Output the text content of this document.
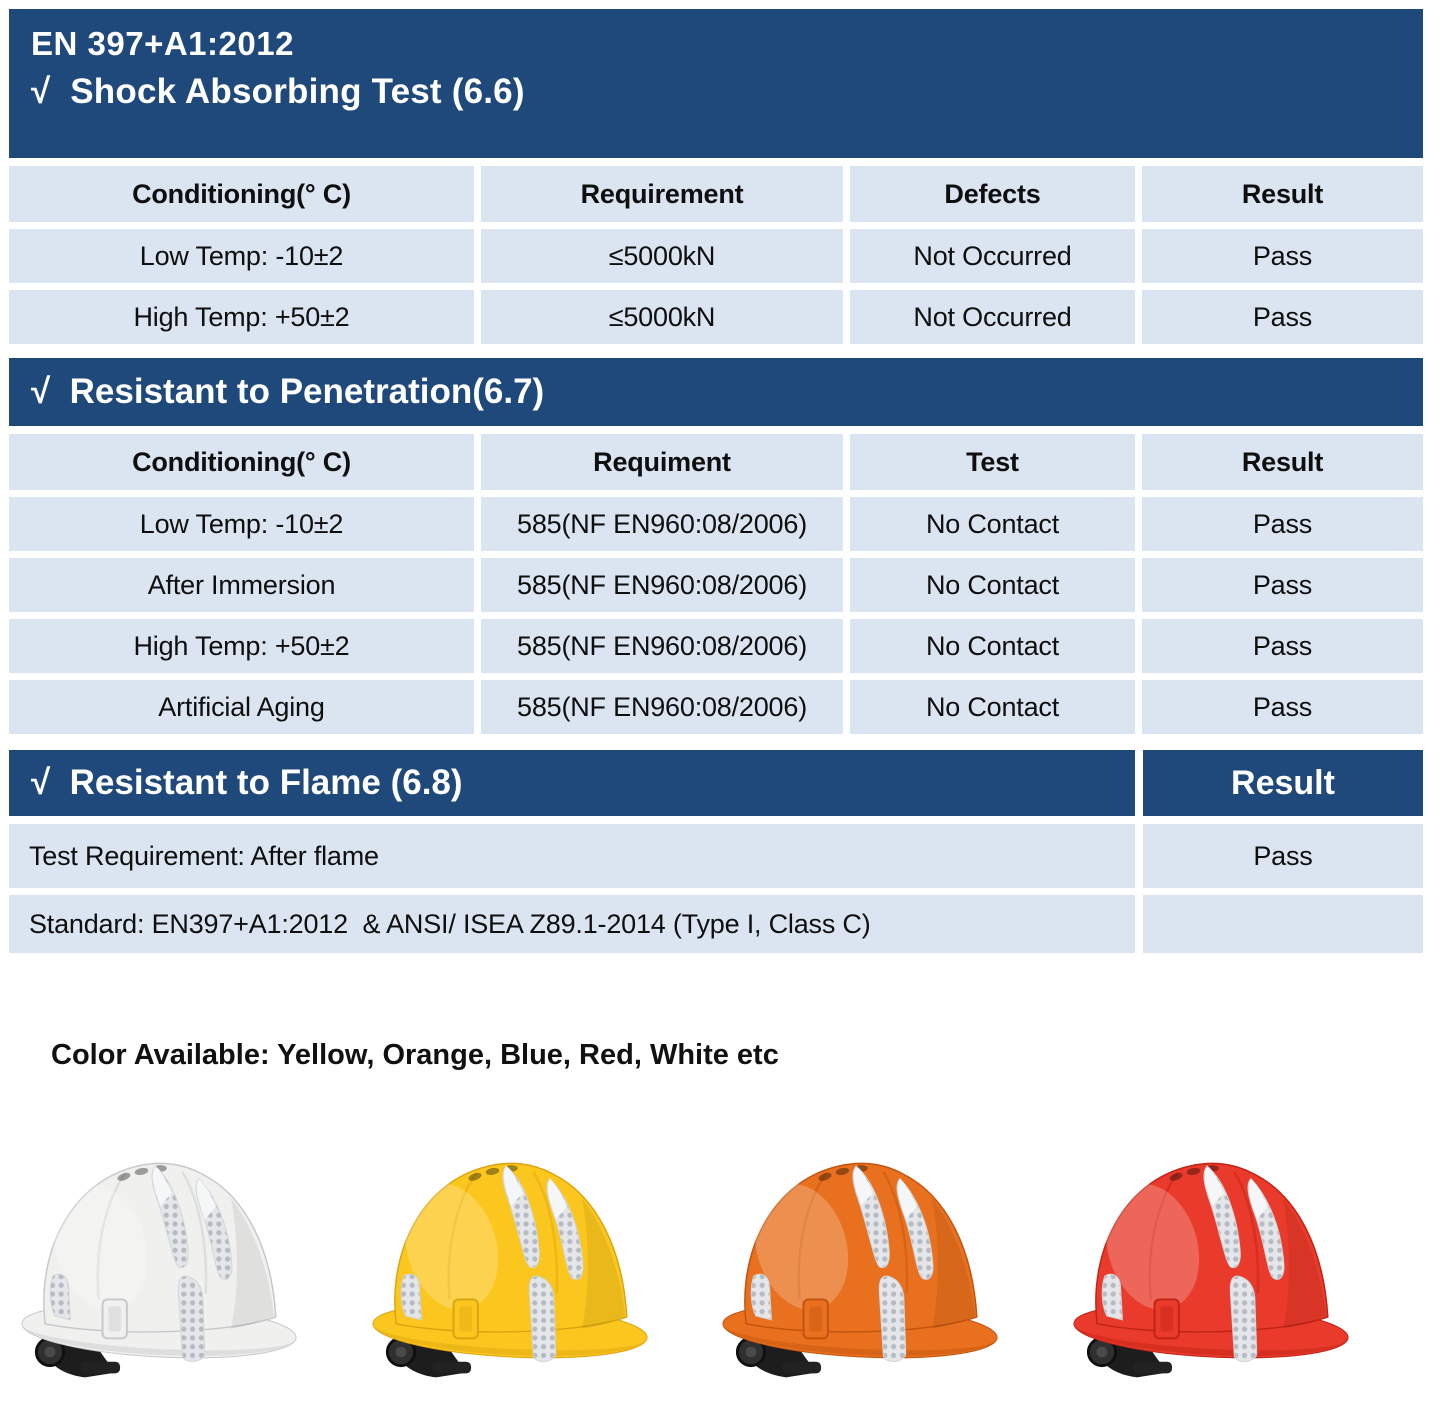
EN 397+A1:2012
√  Shock Absorbing Test (6.6)
Conditioning(° C)	Requirement	Defects	Result
Low Temp: -10±2	≤5000kN	Not Occurred	Pass
High Temp: +50±2	≤5000kN	Not Occurred	Pass
√  Resistant to Penetration(6.7)
Conditioning(° C)	Requiment	Test	Result
Low Temp: -10±2	585(NF EN960:08/2006)	No Contact	Pass
After Immersion	585(NF EN960:08/2006)	No Contact	Pass
High Temp: +50±2	585(NF EN960:08/2006)	No Contact	Pass
Artificial Aging	585(NF EN960:08/2006)	No Contact	Pass
√  Resistant to Flame (6.8)	Result
Test Requirement: After flame	Pass
Standard: EN397+A1:2012  & ANSI/ ISEA Z89.1-2014 (Type I, Class C)

Color Available: Yellow, Orange, Blue, Red, White etc
